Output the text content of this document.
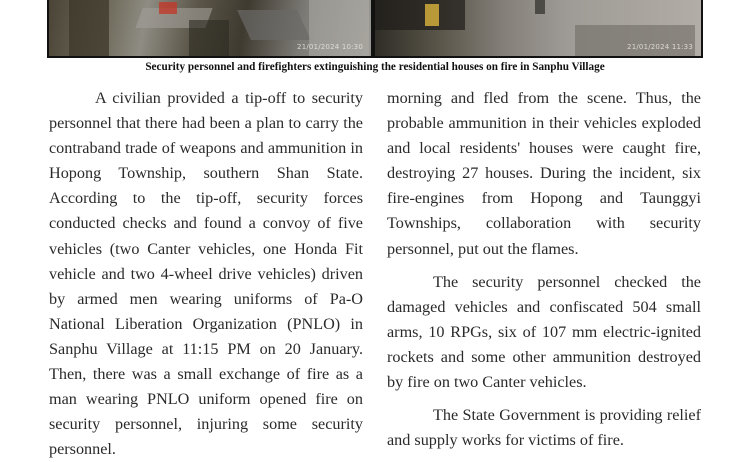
21/01/2024 10:30	21/01/2024 11:33
Security personnel and firefighters extinguishing the residential houses on fire in Sanphu Village

A civilian provided a tip-off to security personnel that there had been a plan to carry the contraband trade of weapons and ammunition in Hopong Township, southern Shan State. According to the tip-off, security forces conducted checks and found a convoy of five vehicles (two Canter vehicles, one Honda Fit vehicle and two 4-wheel drive vehicles) driven by armed men wearing uniforms of Pa-O National Liberation Organization (PNLO) in Sanphu Village at 11:15 PM on 20 January. Then, there was a small exchange of fire as a man wearing PNLO uniform opened fire on security personnel, injuring some security personnel.

morning and fled from the scene. Thus, the probable ammunition in their vehicles exploded and local residents' houses were caught fire, destroying 27 houses. During the incident, six fire-engines from Hopong and Taunggyi Townships, collaboration with security personnel, put out the flames.

The security personnel checked the damaged vehicles and confiscated 504 small arms, 10 RPGs, six of 107 mm electric-ignited rockets and some other ammunition destroyed by fire on two Canter vehicles.

The State Government is providing relief and supply works for victims of fire.
